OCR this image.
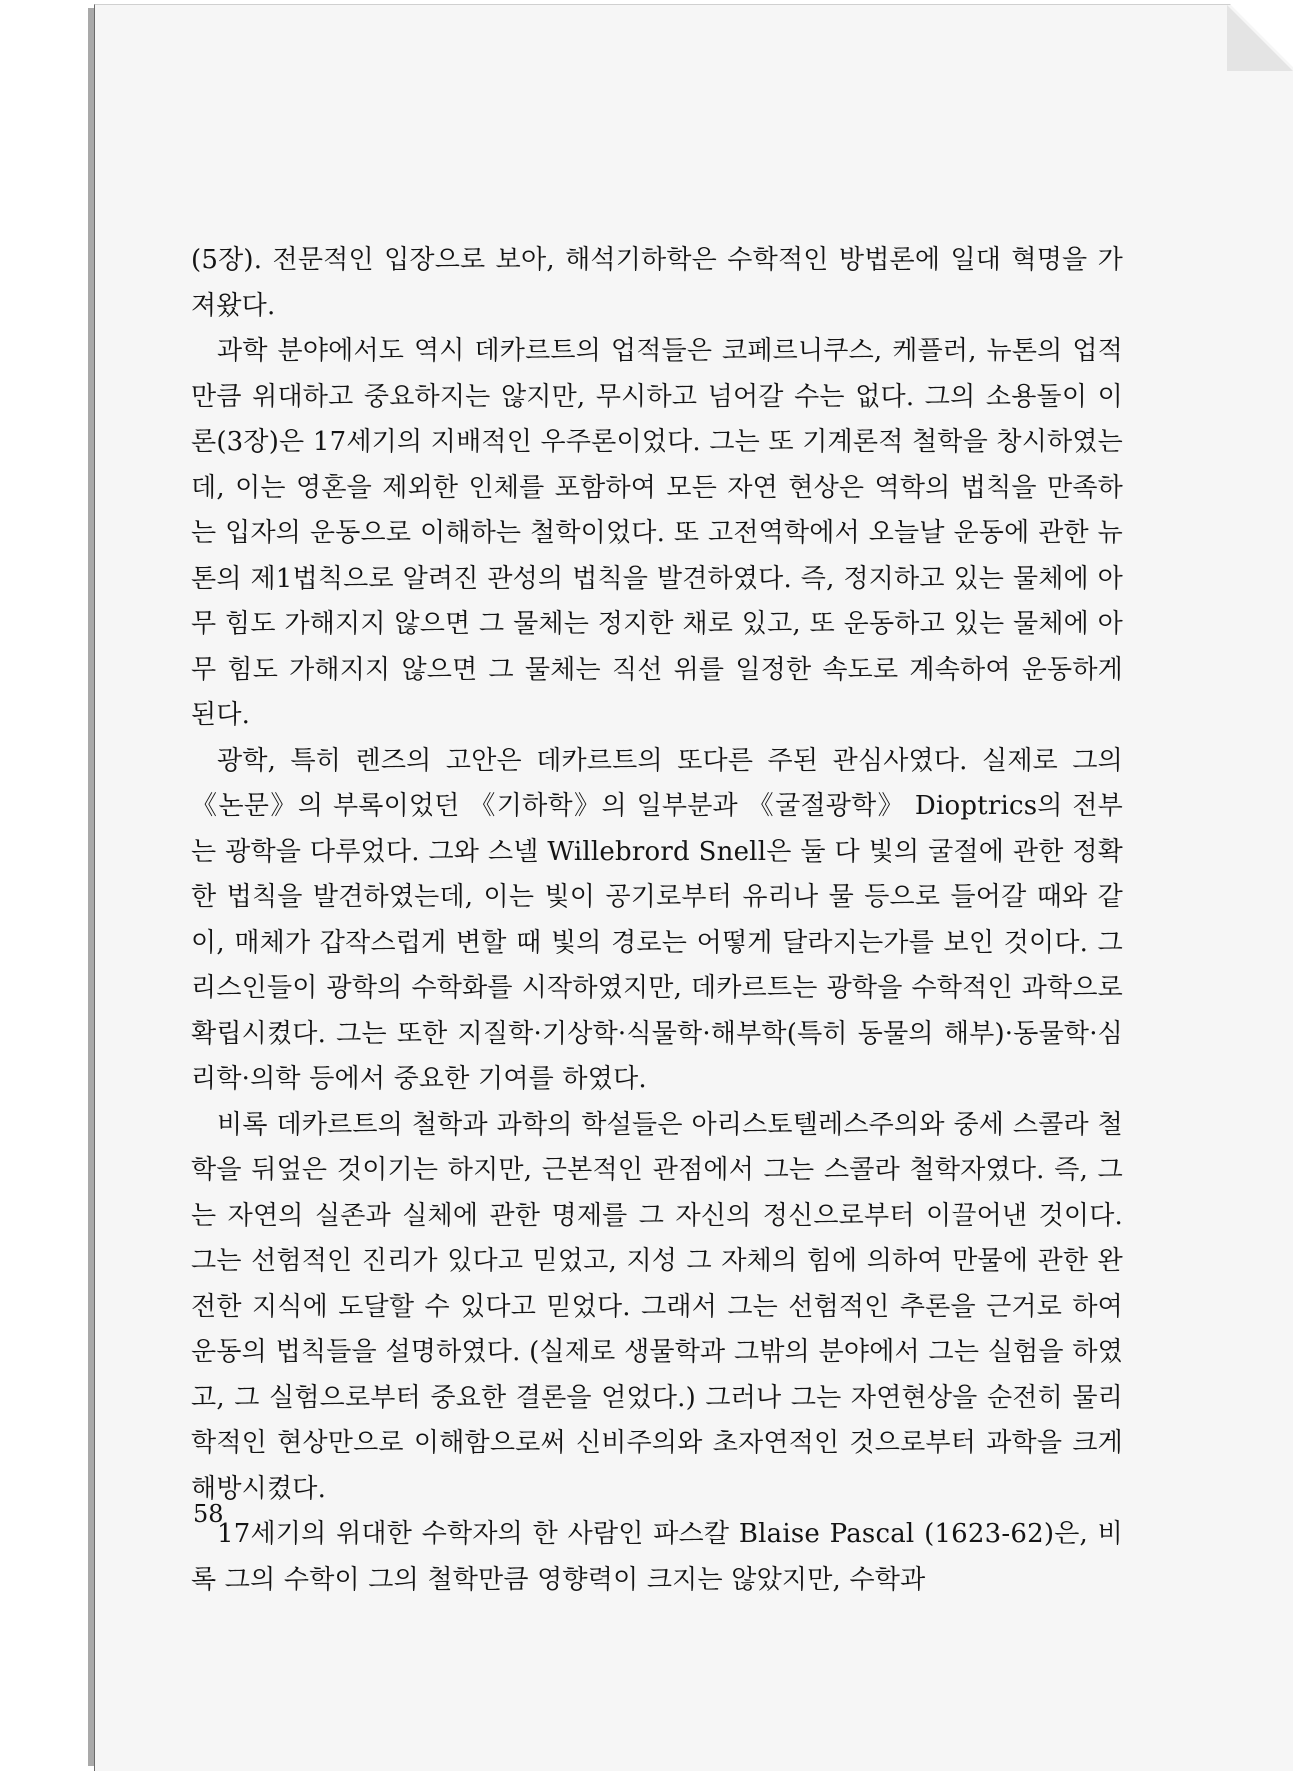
(5장). 전문적인 입장으로 보아, 해석기하학은 수학적인 방법론에 일대 혁명을 가져왔다.

과학 분야에서도 역시 데카르트의 업적들은 코페르니쿠스, 케플러, 뉴톤의 업적만큼 위대하고 중요하지는 않지만, 무시하고 넘어갈 수는 없다. 그의 소용돌이 이론(3장)은 17세기의 지배적인 우주론이었다. 그는 또 기계론적 철학을 창시하였는데, 이는 영혼을 제외한 인체를 포함하여 모든 자연 현상은 역학의 법칙을 만족하는 입자의 운동으로 이해하는 철학이었다. 또 고전역학에서 오늘날 운동에 관한 뉴톤의 제1법칙으로 알려진 관성의 법칙을 발견하였다. 즉, 정지하고 있는 물체에 아무 힘도 가해지지 않으면 그 물체는 정지한 채로 있고, 또 운동하고 있는 물체에 아무 힘도 가해지지 않으면 그 물체는 직선 위를 일정한 속도로 계속하여 운동하게 된다.

광학, 특히 렌즈의 고안은 데카르트의 또다른 주된 관심사였다. 실제로 그의 《논문》의 부록이었던 《기하학》의 일부분과 《굴절광학》 Dioptrics의 전부는 광학을 다루었다. 그와 스넬 Willebrord Snell은 둘 다 빛의 굴절에 관한 정확한 법칙을 발견하였는데, 이는 빛이 공기로부터 유리나 물 등으로 들어갈 때와 같이, 매체가 갑작스럽게 변할 때 빛의 경로는 어떻게 달라지는가를 보인 것이다. 그리스인들이 광학의 수학화를 시작하였지만, 데카르트는 광학을 수학적인 과학으로 확립시켰다. 그는 또한 지질학·기상학·식물학·해부학(특히 동물의 해부)·동물학·심리학·의학 등에서 중요한 기여를 하였다.

비록 데카르트의 철학과 과학의 학설들은 아리스토텔레스주의와 중세 스콜라 철학을 뒤엎은 것이기는 하지만, 근본적인 관점에서 그는 스콜라 철학자였다. 즉, 그는 자연의 실존과 실체에 관한 명제를 그 자신의 정신으로부터 이끌어낸 것이다. 그는 선험적인 진리가 있다고 믿었고, 지성 그 자체의 힘에 의하여 만물에 관한 완전한 지식에 도달할 수 있다고 믿었다. 그래서 그는 선험적인 추론을 근거로 하여 운동의 법칙들을 설명하였다. (실제로 생물학과 그밖의 분야에서 그는 실험을 하였고, 그 실험으로부터 중요한 결론을 얻었다.) 그러나 그는 자연현상을 순전히 물리학적인 현상만으로 이해함으로써 신비주의와 초자연적인 것으로부터 과학을 크게 해방시켰다.

17세기의 위대한 수학자의 한 사람인 파스칼 Blaise Pascal (1623-62)은, 비록 그의 수학이 그의 철학만큼 영향력이 크지는 않았지만, 수학과

58
